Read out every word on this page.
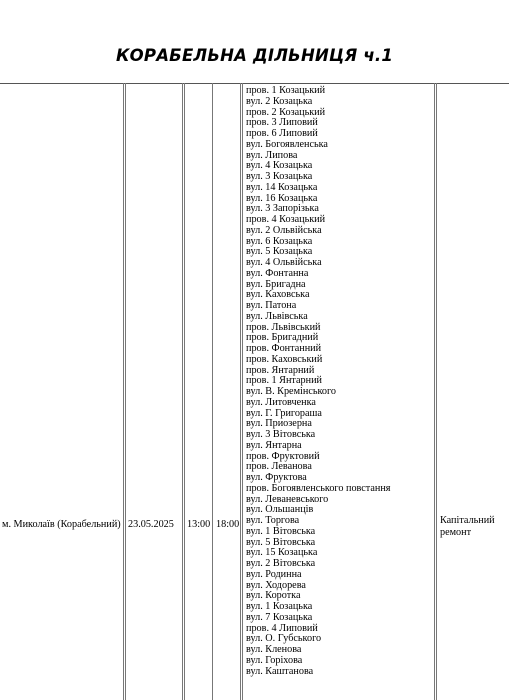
КОРАБЕЛЬНА ДІЛЬНИЦЯ ч.1
м. Миколаїв (Корабельний) 23.05.2025 13:00 18:00	Капітальний ремонт
пров. 1 Козацький
вул. 2 Козацька
пров. 2 Козацький
пров. 3 Липовий
пров. 6 Липовий
вул. Богоявленська
вул. Липова
вул. 4 Козацька
вул. 3 Козацька
вул. 14 Козацька
вул. 16 Козацька
вул. 3 Запорізька
пров. 4 Козацький
вул. 2 Ольвійська
вул. 6 Козацька
вул. 5 Козацька
вул. 4 Ольвійська
вул. Фонтанна
вул. Бригадна
вул. Каховська
вул. Патона
вул. Львівська
пров. Львівський
пров. Бригадний
пров. Фонтанний
пров. Каховський
пров. Янтарний
пров. 1 Янтарний
вул. В. Кремінського
вул. Литовченка
вул. Г. Григораша
вул. Приозерна
вул. 3 Вітовська
вул. Янтарна
пров. Фруктовий
пров. Леванова
вул. Фруктова
пров. Богоявленського повстання
вул. Леваневського
вул. Ольшанців
вул. Торгова
вул. 1 Вітовська
вул. 5 Вітовська
вул. 15 Козацька
вул. 2 Вітовська
вул. Родинна
вул. Ходорева
вул. Коротка
вул. 1 Козацька
вул. 7 Козацька
пров. 4 Липовий
вул. О. Губського
вул. Кленова
вул. Горіхова
вул. Каштанова
